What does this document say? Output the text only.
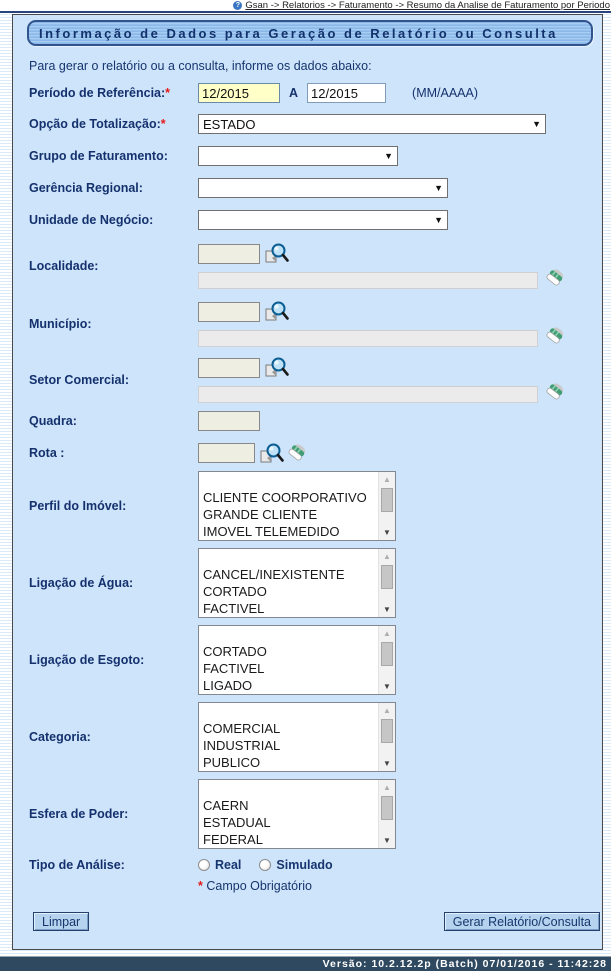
? Gsan -> Relatorios -> Faturamento -> Resumo da Analise de Faturamento por Periodo
Informação de Dados para Geração de Relatório ou Consulta
Para gerar o relatório ou a consulta, informe os dados abaixo:
Período de Referência:*
12/2015	A
12/2015	(MM/AAAA)
Opção de Totalização:*	ESTADO	▼
Grupo de Faturamento:	▼
Gerência Regional:	▼
Unidade de Negócio:	▼
Localidade:
Município:
Setor Comercial:
Quadra:
Rota :
Perfil do Imóvel:
CLIENTE COORPORATIVO
GRANDE CLIENTE
IMOVEL TELEMEDIDO
▲
▼
Ligação de Água:
CANCEL/INEXISTENTE
CORTADO
FACTIVEL
▲
▼
Ligação de Esgoto:
CORTADO
FACTIVEL
LIGADO
▲
▼
Categoria:
COMERCIAL
INDUSTRIAL
PUBLICO
▲
▼
Esfera de Poder:
CAERN
ESTADUAL
FEDERAL
▲
▼
Tipo de Análise:	Real	Simulado
* Campo Obrigatório
Limpar	Gerar Relatório/Consulta
Versão: 10.2.12.2p (Batch) 07/01/2016 - 11:42:28
